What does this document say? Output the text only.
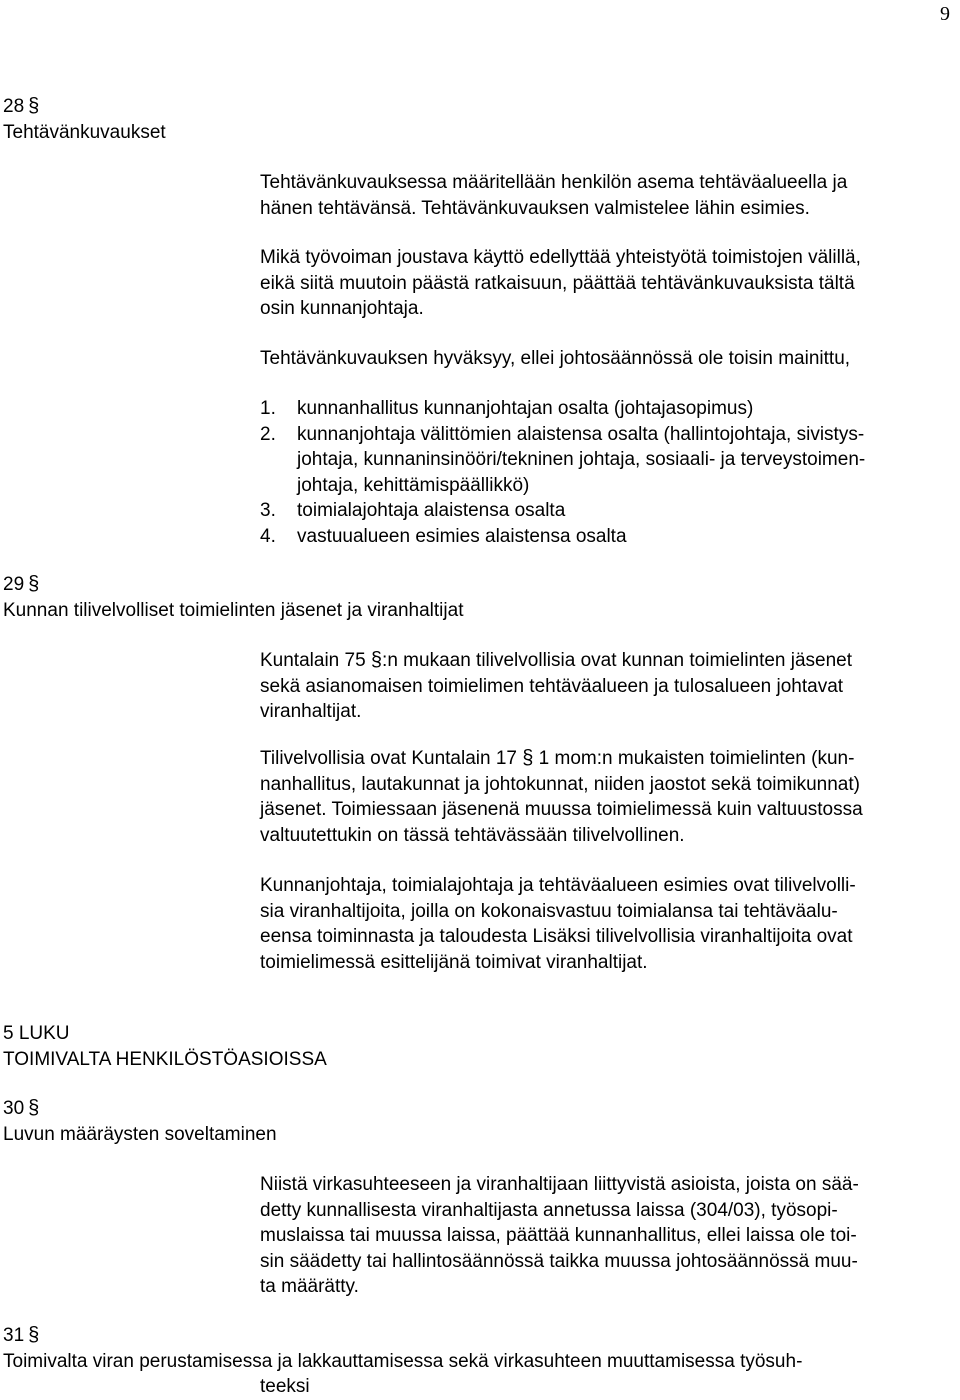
9
28 §
Tehtävänkuvaukset
Tehtävänkuvauksessa määritellään henkilön asema tehtäväalueella ja
hänen tehtävänsä. Tehtävänkuvauksen valmistelee lähin esimies.
Mikä työvoiman joustava käyttö edellyttää yhteistyötä toimistojen välillä,
eikä siitä muutoin päästä ratkaisuun, päättää tehtävänkuvauksista tältä
osin kunnanjohtaja.
Tehtävänkuvauksen hyväksyy, ellei johtosäännössä ole toisin mainittu,
1. kunnanhallitus kunnanjohtajan osalta (johtajasopimus)
2. kunnanjohtaja välittömien alaistensa osalta (hallintojohtaja, sivistys-
johtaja, kunnaninsinööri/tekninen johtaja, sosiaali- ja terveystoimen-
johtaja, kehittämispäällikkö)
3. toimialajohtaja alaistensa osalta
4. vastuualueen esimies alaistensa osalta
29 §
Kunnan tilivelvolliset toimielinten jäsenet ja viranhaltijat
Kuntalain 75 §:n mukaan tilivelvollisia ovat kunnan toimielinten jäsenet
sekä asianomaisen toimielimen tehtäväalueen ja tulosalueen johtavat
viranhaltijat.
Tilivelvollisia ovat Kuntalain 17 § 1 mom:n mukaisten toimielinten (kun-
nanhallitus, lautakunnat ja johtokunnat, niiden jaostot sekä toimikunnat)
jäsenet. Toimiessaan jäsenenä muussa toimielimessä kuin valtuustossa
valtuutettukin on tässä tehtävässään tilivelvollinen.
Kunnanjohtaja, toimialajohtaja ja tehtäväalueen esimies ovat tilivelvolli-
sia viranhaltijoita, joilla on kokonaisvastuu toimialansa tai tehtäväalu-
eensa toiminnasta ja taloudesta Lisäksi tilivelvollisia viranhaltijoita ovat
toimielimessä esittelijänä toimivat viranhaltijat.
5 LUKU
TOIMIVALTA HENKILÖSTÖASIOISSA
30 §
Luvun määräysten soveltaminen
Niistä virkasuhteeseen ja viranhaltijaan liittyvistä asioista, joista on sää-
detty kunnallisesta viranhaltijasta annetussa laissa (304/03), työsopi-
muslaissa tai muussa laissa, päättää kunnanhallitus, ellei laissa ole toi-
sin säädetty tai hallintosäännössä taikka muussa johtosäännössä muu-
ta määrätty.
31 §
Toimivalta viran perustamisessa ja lakkauttamisessa sekä virkasuhteen muuttamisessa työsuh-
teeksi
